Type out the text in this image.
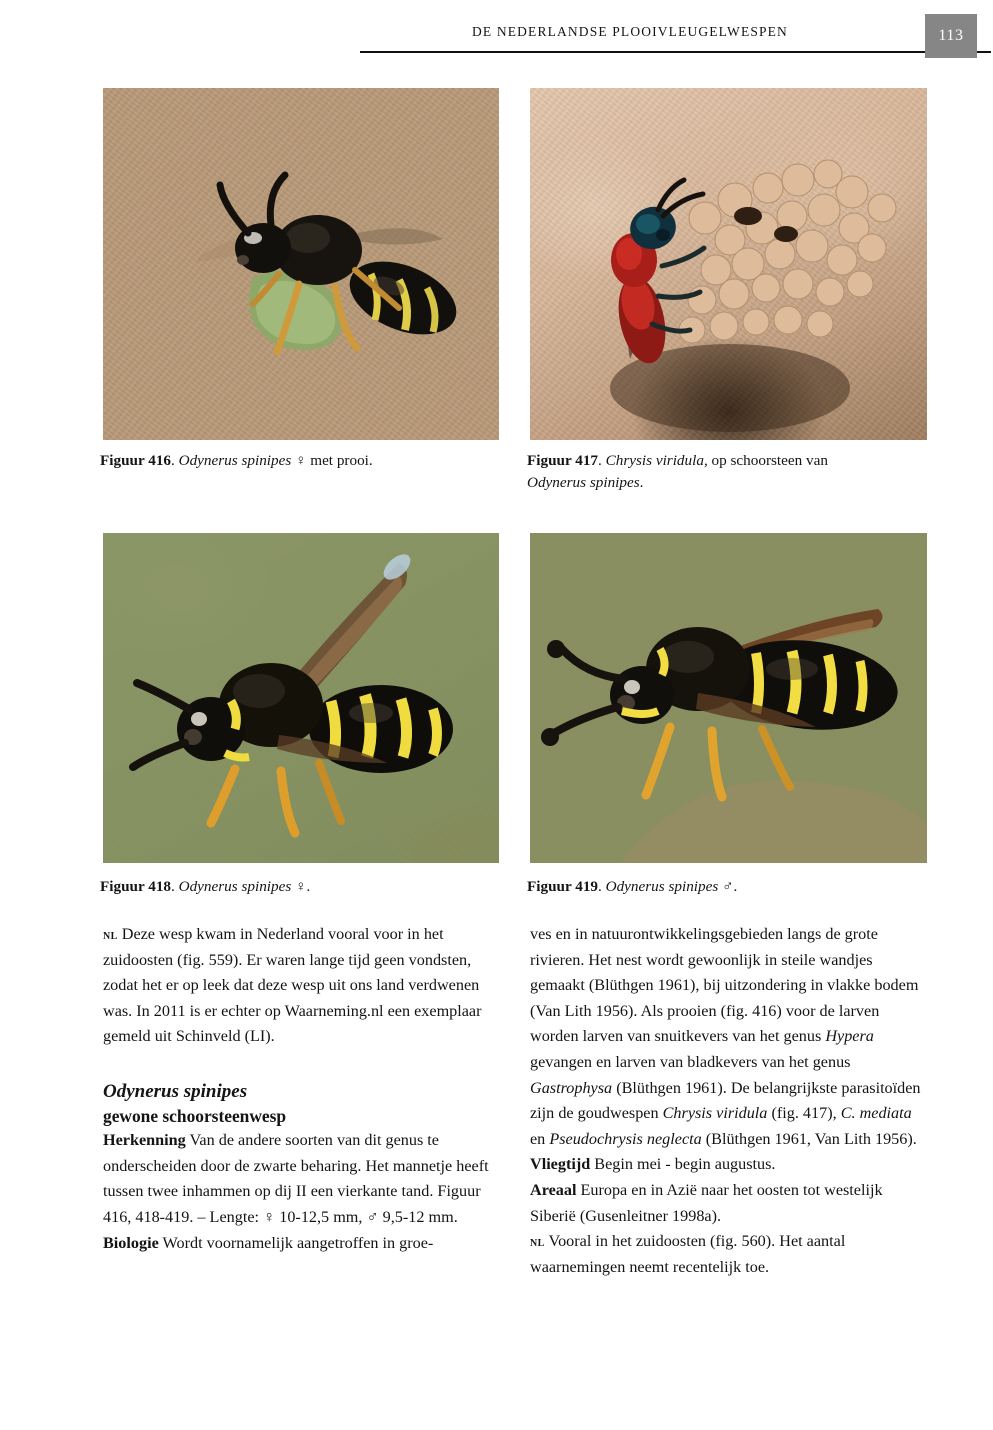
DE NEDERLANDSE PLOOIVLEUGELWESPEN	113
Figuur 416. Odynerus spinipes ♀ met prooi.	Figuur 417. Chrysis viridula, op schoorsteen van
Odynerus spinipes.
Figuur 418. Odynerus spinipes ♀.	Figuur 419. Odynerus spinipes ♂.

nl Deze wesp kwam in Nederland vooral voor in het zuidoosten (fig. 559). Er waren lange tijd geen vondsten, zodat het er op leek dat deze wesp uit ons land verdwenen was. In 2011 is er echter op Waarneming.nl een exemplaar gemeld uit Schinveld (LI).

Odynerus spinipes
gewone schoorsteenwesp

Herkenning Van de andere soorten van dit genus te onderscheiden door de zwarte beharing. Het mannetje heeft tussen twee inhammen op dij II een vierkante tand. Figuur 416, 418-419. – Lengte: ♀ 10-12,5 mm, ♂ 9,5-12 mm.

Biologie Wordt voornamelijk aangetroffen in groe-

ves en in natuurontwikkelingsgebieden langs de grote rivieren. Het nest wordt gewoonlijk in steile wandjes gemaakt (Blüthgen 1961), bij uitzondering in vlakke bodem (Van Lith 1956). Als prooien (fig. 416) voor de larven worden larven van snuitkevers van het genus Hypera gevangen en larven van bladkevers van het genus Gastrophysa (Blüthgen 1961). De belangrijkste parasitoïden zijn de goudwespen Chrysis viridula (fig. 417), C. mediata en Pseudochrysis neglecta (Blüthgen 1961, Van Lith 1956).

Vliegtijd Begin mei - begin augustus.

Areaal Europa en in Azië naar het oosten tot westelijk Siberië (Gusenleitner 1998a).

nl Vooral in het zuidoosten (fig. 560). Het aantal waarnemingen neemt recentelijk toe.
